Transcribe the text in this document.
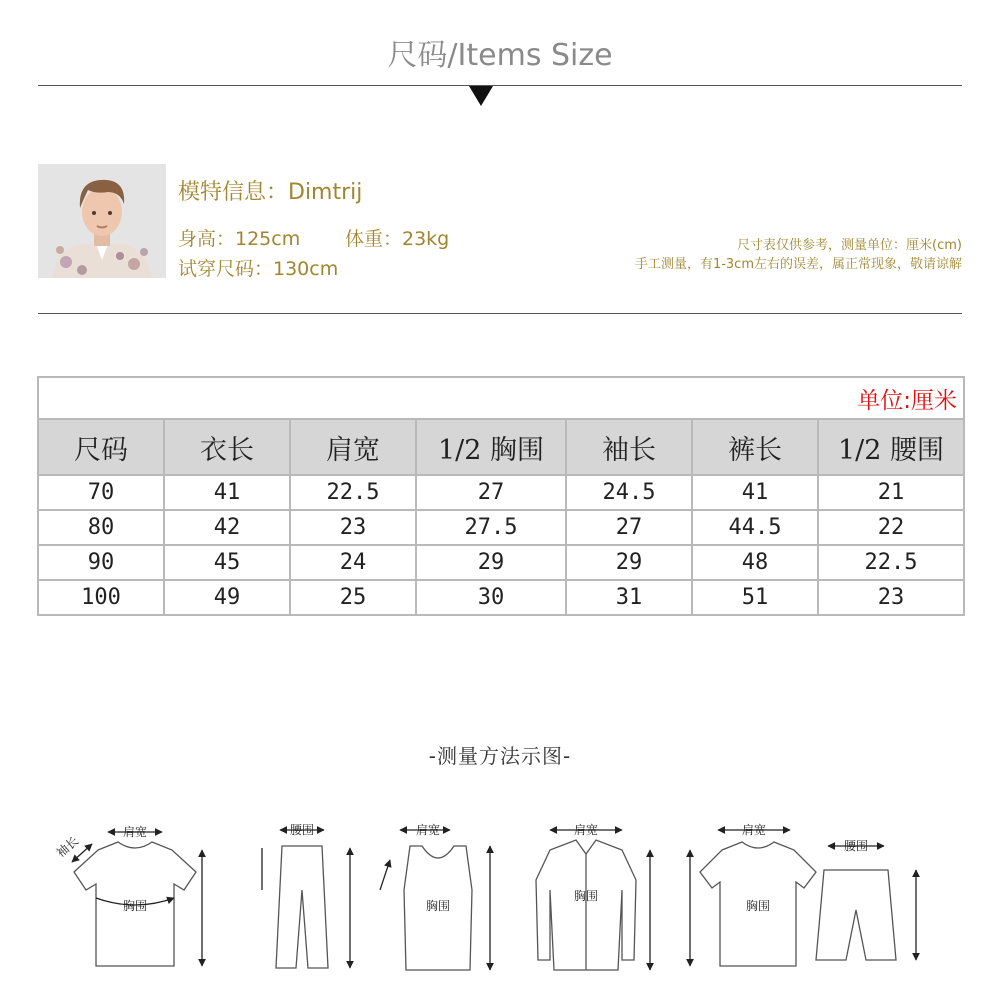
尺码/Items Size
模特信息：Dimtrij
身高：125cm 体重：23kg
试穿尺码：130cm
尺寸表仅供参考，测量单位：厘米(cm)
手工测量，有1-3cm左右的误差，属正常现象，敬请谅解
单位:厘米						
尺码	衣长	肩宽	1/2 胸围	袖长	裤长	1/2 腰围
70	41	22.5	27	24.5	41	21
80	42	23	27.5	27	44.5	22
90	45	24	29	29	48	22.5
100	49	25	30	31	51	23
-测量方法示图-
肩宽
胸围
袖长
腰围	肩宽
胸围
肩宽
胸围
肩宽
胸围
腰围
